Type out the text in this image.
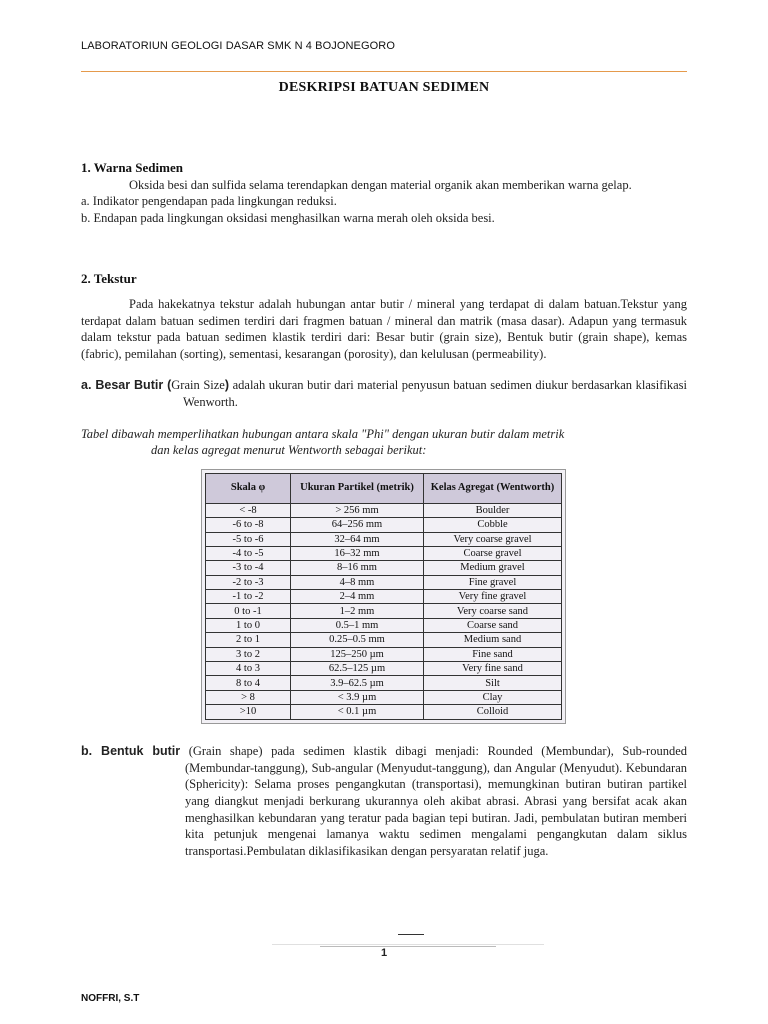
LABORATORIUN GEOLOGI DASAR SMK N 4 BOJONEGORO
DESKRIPSI BATUAN SEDIMEN

1. Warna Sedimen

Oksida besi dan sulfida selama terendapkan dengan material organik akan memberikan warna gelap.

a. Indikator pengendapan pada lingkungan reduksi.

b. Endapan pada lingkungan oksidasi menghasilkan warna merah oleh oksida besi.

2. Tekstur

Pada hakekatnya tekstur adalah hubungan antar butir / mineral yang terdapat di dalam batuan.Tekstur yang terdapat dalam batuan sedimen terdiri dari fragmen batuan / mineral dan matrik (masa dasar). Adapun yang termasuk dalam tekstur pada batuan sedimen klastik terdiri dari: Besar butir (grain size), Bentuk butir (grain shape), kemas (fabric), pemilahan (sorting), sementasi, kesarangan (porosity), dan kelulusan (permeability).

a. Besar Butir (Grain Size) adalah ukuran butir dari material penyusun batuan sedimen diukur berdasarkan klasifikasi Wenworth.

Tabel dibawah memperlihatkan hubungan antara skala "Phi" dengan ukuran butir dalam metrik
dan kelas agregat menurut Wentworth sebagai berikut:

Skala φ	Ukuran Partikel (metrik)	Kelas Agregat (Wentworth)
< -8	> 256 mm	Boulder
-6 to -8	64–256 mm	Cobble
-5 to -6	32–64 mm	Very coarse gravel
-4 to -5	16–32 mm	Coarse gravel
-3 to -4	8–16 mm	Medium gravel
-2 to -3	4–8 mm	Fine gravel
-1 to -2	2–4 mm	Very fine gravel
0 to -1	1–2 mm	Very coarse sand
1 to 0	0.5–1 mm	Coarse sand
2 to 1	0.25–0.5 mm	Medium sand
3 to 2	125–250 µm	Fine sand
4 to 3	62.5–125 µm	Very fine sand
8 to 4	3.9–62.5 µm	Silt
> 8	< 3.9 µm	Clay
>10	< 0.1 µm	Colloid

b. Bentuk butir (Grain shape) pada sedimen klastik dibagi menjadi: Rounded (Membundar), Sub-rounded (Membundar-tanggung), Sub-angular (Menyudut-tanggung), dan Angular (Menyudut). Kebundaran (Sphericity): Selama proses pengangkutan (transportasi), memungkinan butiran butiran partikel yang diangkut menjadi berkurang ukurannya oleh akibat abrasi. Abrasi yang bersifat acak akan menghasilkan kebundaran yang teratur pada bagian tepi butiran. Jadi, pembulatan butiran memberi kita petunjuk mengenai lamanya waktu sedimen mengalami pengangkutan dalam siklus transportasi.Pembulatan diklasifikasikan dengan persyaratan relatif juga.

1
NOFFRI, S.T
